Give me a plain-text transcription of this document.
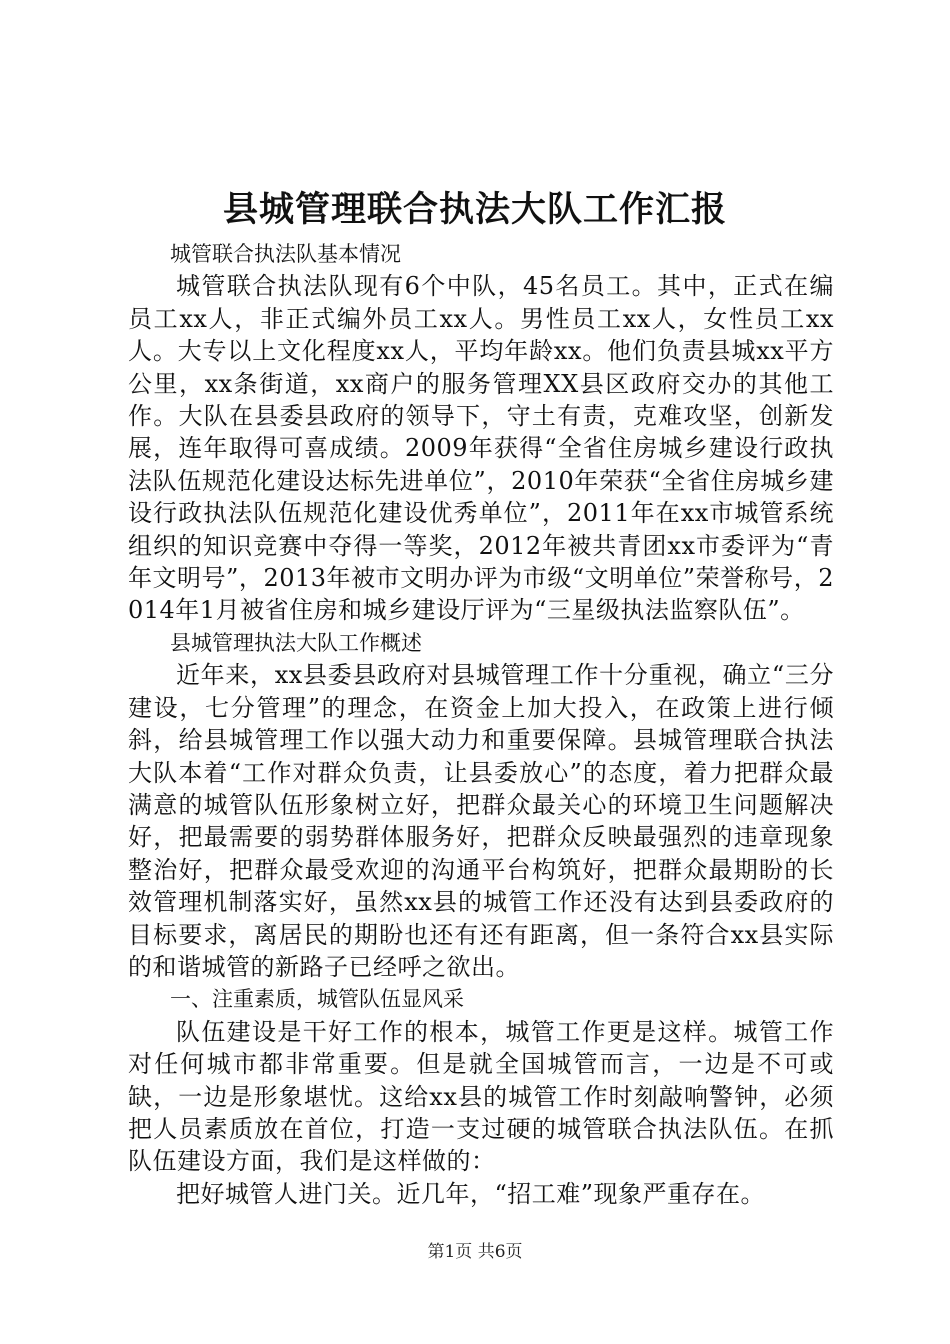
县城管理联合执法大队工作汇报

城管联合执法队基本情况

城管联合执法队现有6个中队，45名员工。其中，正式在编员工xx人，非正式编外员工xx人。男性员工xx人，女性员工xx人。大专以上文化程度xx人，平均年龄xx。他们负责县城xx平方公里，xx条街道，xx商户的服务管理XX县区政府交办的其他工作。大队在县委县政府的领导下，守土有责，克难攻坚，创新发展，连年取得可喜成绩。2009年获得“全省住房城乡建设行政执法队伍规范化建设达标先进单位”，2010年荣获“全省住房城乡建设行政执法队伍规范化建设优秀单位”，2011年在xx市城管系统组织的知识竞赛中夺得一等奖，2012年被共青团xx市委评为“青年文明号”，2013年被市文明办评为市级“文明单位”荣誉称号，2014年1月被省住房和城乡建设厅评为“三星级执法监察队伍”。

县城管理执法大队工作概述

近年来，xx县委县政府对县城管理工作十分重视，确立“三分建设，七分管理”的理念，在资金上加大投入，在政策上进行倾斜，给县城管理工作以强大动力和重要保障。县城管理联合执法大队本着“工作对群众负责，让县委放心”的态度，着力把群众最满意的城管队伍形象树立好，把群众最关心的环境卫生问题解决好，把最需要的弱势群体服务好，把群众反映最强烈的违章现象整治好，把群众最受欢迎的沟通平台构筑好，把群众最期盼的长效管理机制落实好，虽然xx县的城管工作还没有达到县委政府的目标要求，离居民的期盼也还有还有距离，但一条符合xx县实际的和谐城管的新路子已经呼之欲出。

一、注重素质，城管队伍显风采

队伍建设是干好工作的根本，城管工作更是这样。城管工作对任何城市都非常重要。但是就全国城管而言，一边是不可或缺，一边是形象堪忧。这给xx县的城管工作时刻敲响警钟，必须把人员素质放在首位，打造一支过硬的城管联合执法队伍。在抓队伍建设方面，我们是这样做的：

把好城管人进门关。近几年，“招工难”现象严重存在。

第1页 共6页
